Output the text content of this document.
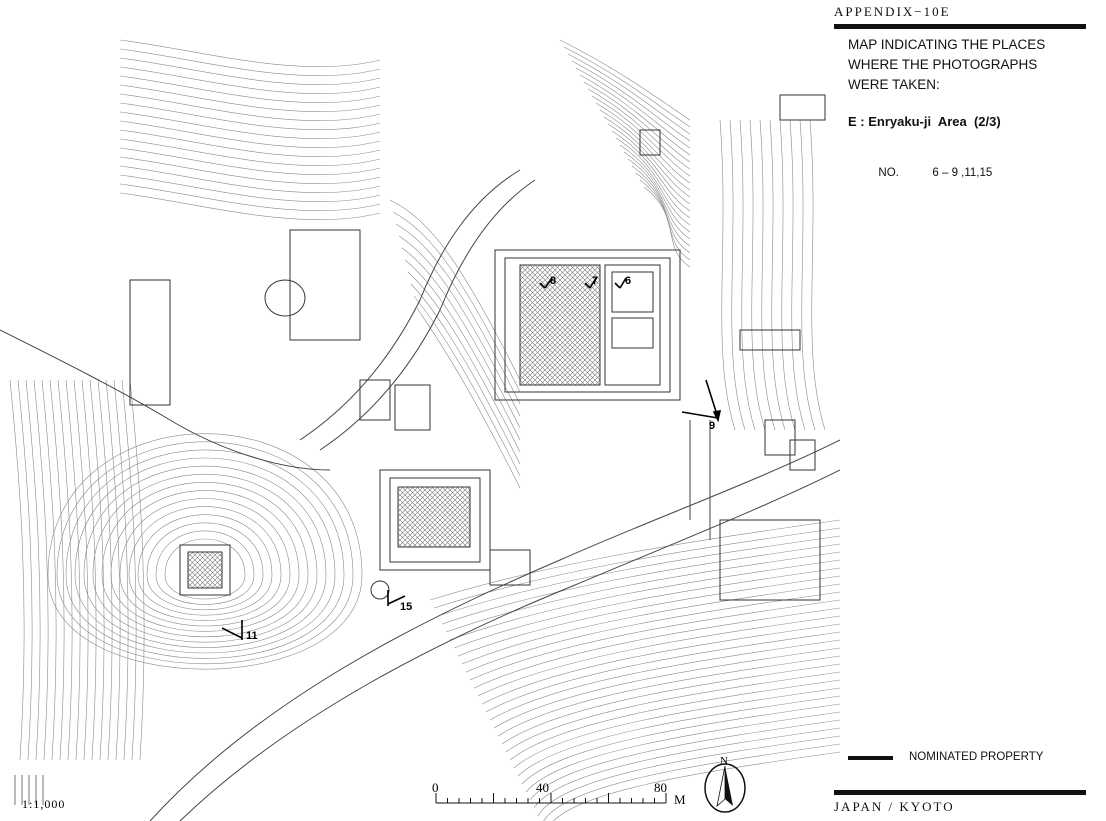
8	7 6
9
11
15
1:1,000
0	40	80
M
N
APPENDIX−10E
MAP INDICATING THE PLACES
WHERE THE PHOTOGRAPHS
WERE TAKEN:
E : Enryaku-ji  Area  (2/3)

NO.	6 – 9 ,11,15

NOMINATED PROPERTY
JAPAN / KYOTO
